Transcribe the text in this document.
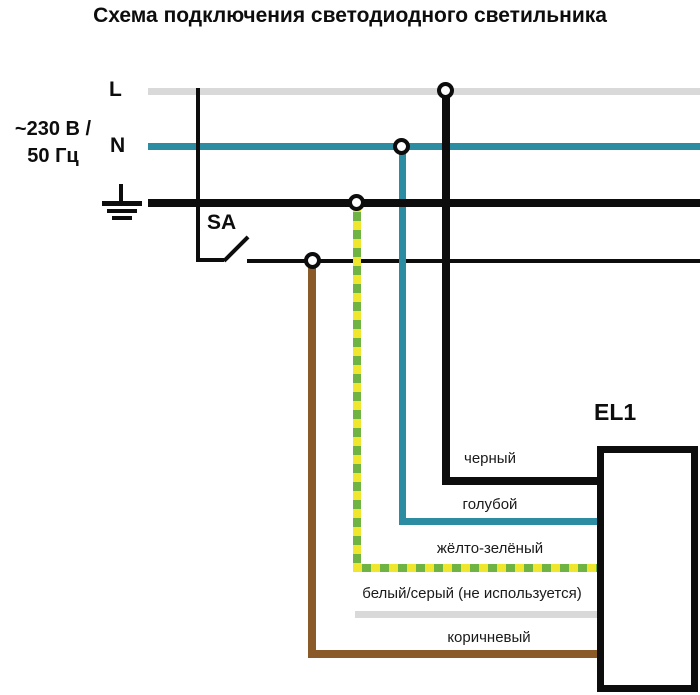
Схема подключения светодиодного светильника
~230 В /
50 Гц
L
N
SA
EL1
черный
голубой
жёлто-зелёный
белый/серый (не используется)
коричневый
